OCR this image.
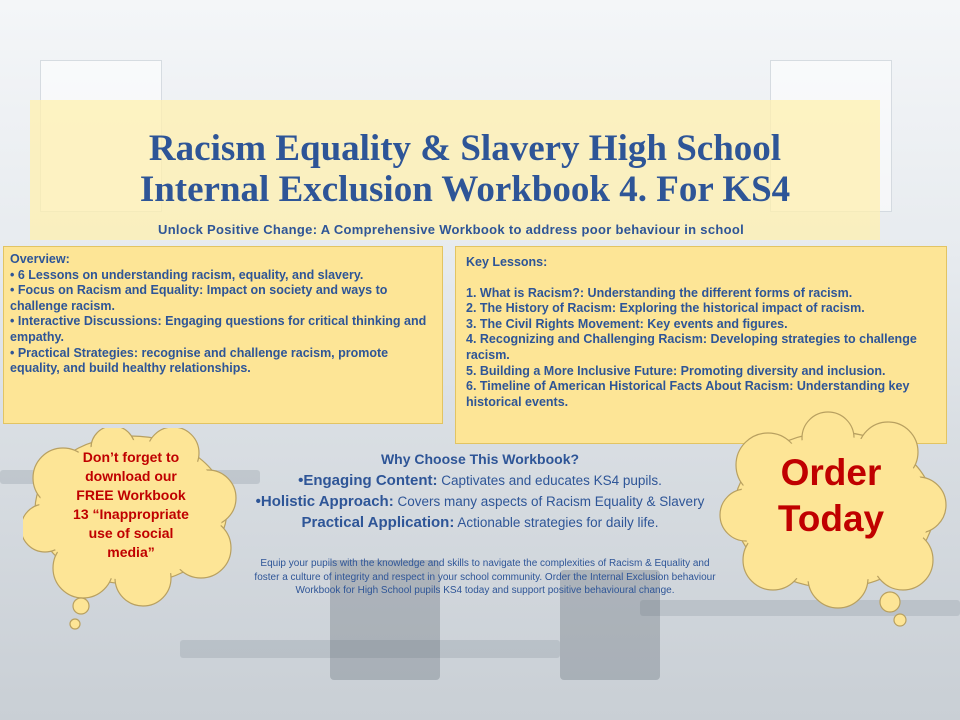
Racism Equality & Slavery High School
Internal Exclusion Workbook 4. For KS4
Unlock Positive Change: A Comprehensive Workbook to address poor behaviour in school

Overview:

• 6 Lessons on understanding racism, equality, and slavery.

• Focus on Racism and Equality: Impact on society and ways to challenge racism.

• Interactive Discussions: Engaging questions for critical thinking and empathy.

• Practical Strategies: recognise and challenge racism, promote equality, and build healthy relationships.

Key Lessons:

1. What is Racism?: Understanding the different forms of racism.

2. The History of Racism: Exploring the historical impact of racism.

3. The Civil Rights Movement: Key events and figures.

4. Recognizing and Challenging Racism: Developing strategies to challenge racism.

5. Building a More Inclusive Future: Promoting diversity and inclusion.

6. Timeline of American Historical Facts About Racism: Understanding key historical events.

Don’t forget to
download our
FREE Workbook
13 “Inappropriate
use of social
media”
Order
Today
Why Choose This Workbook?
•Engaging Content: Captivates and educates KS4 pupils.
•Holistic Approach: Covers many aspects of Racism Equality & Slavery Practical Application: Actionable strategies for daily life.
Equip your pupils with the knowledge and skills to navigate the complexities of Racism & Equality and foster a culture of integrity and respect in your school community. Order the Internal Exclusion behaviour Workbook for High School pupils KS4 today and support positive behavioural change.
